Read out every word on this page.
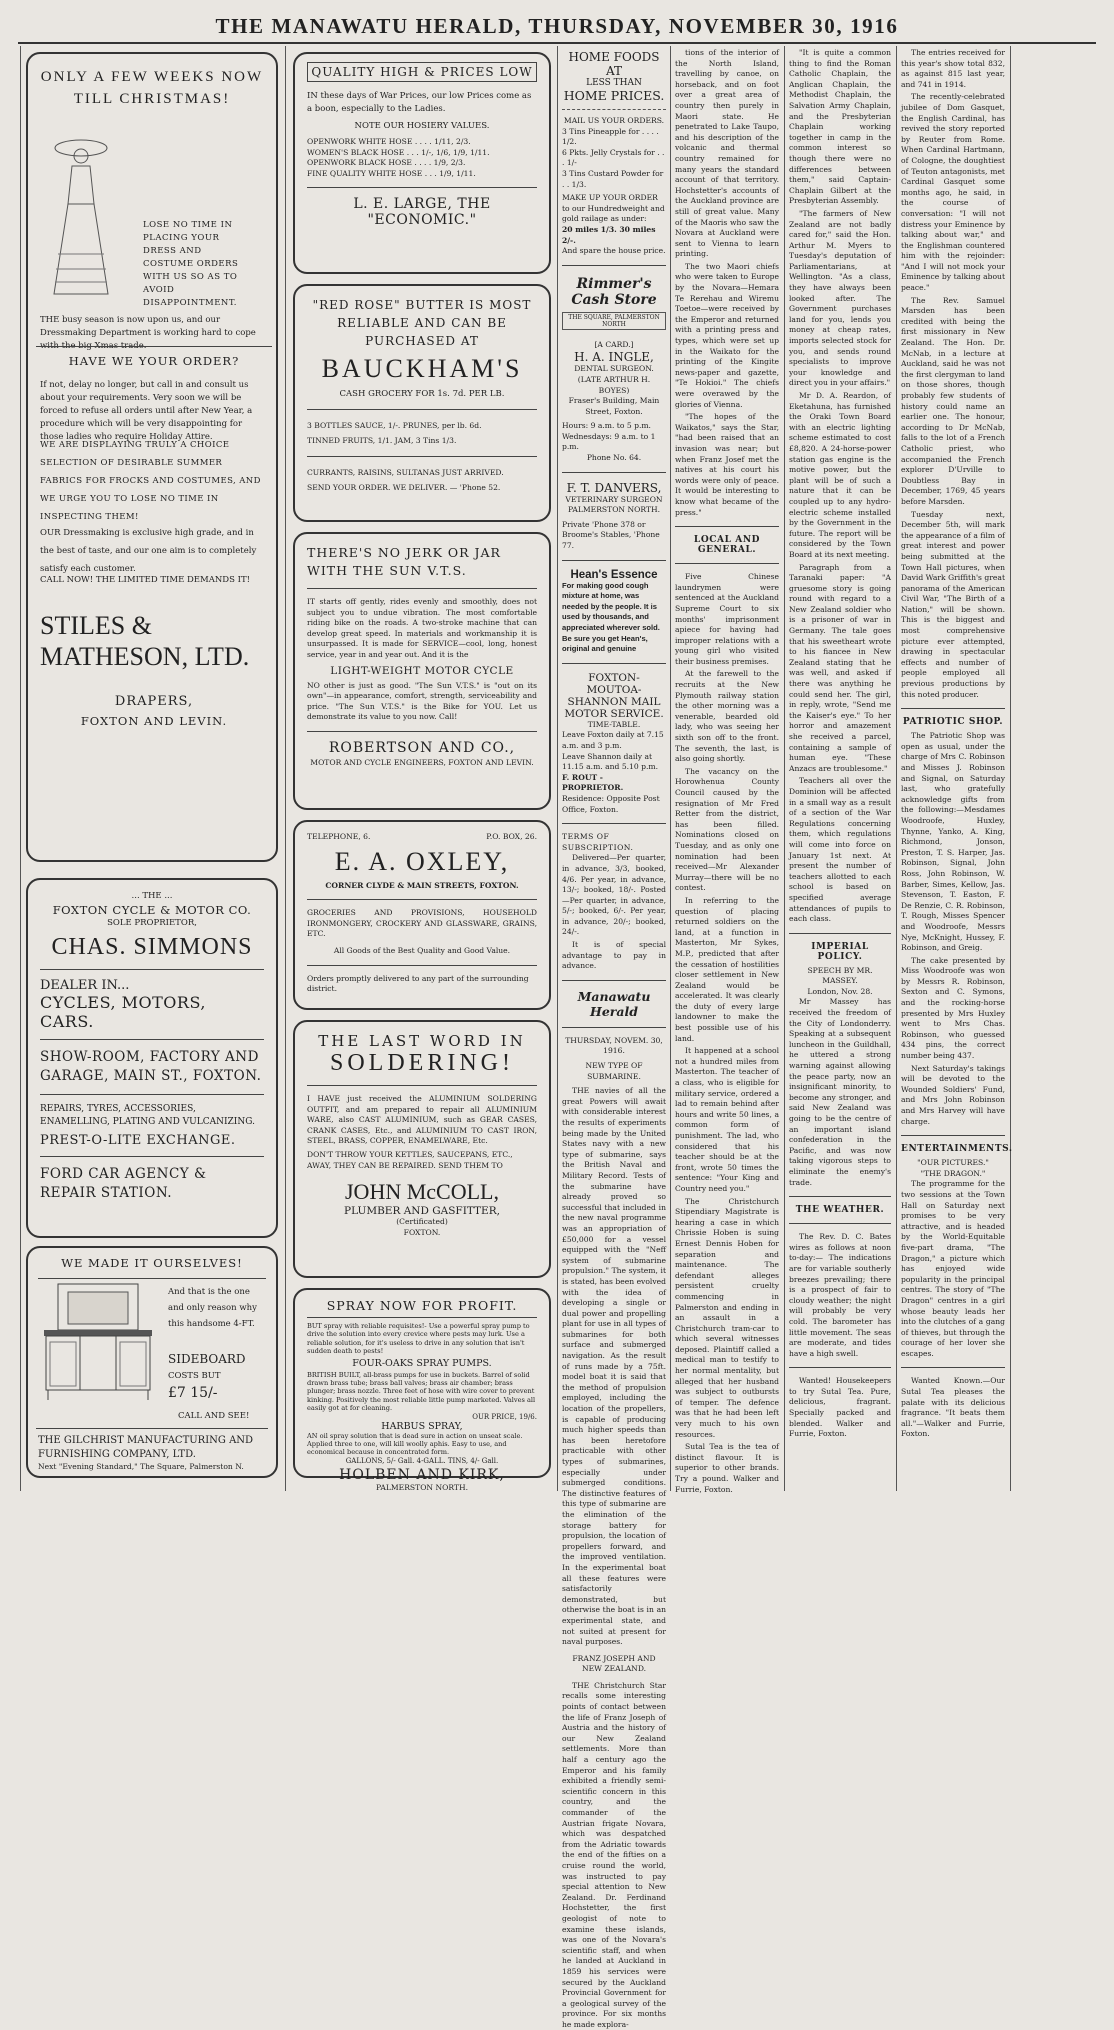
THE MANAWATU HERALD, THURSDAY, NOVEMBER 30, 1916
ONLY A FEW WEEKS NOW TILL CHRISTMAS!
LOSE NO TIME IN PLACING YOUR DRESS AND COSTUME ORDERS WITH US SO AS TO AVOID DISAPPOINTMENT.
THE busy season is now upon us, and our Dressmaking Department is working hard to cope with the big Xmas trade.
HAVE WE YOUR ORDER?
If not, delay no longer, but call in and consult us about your requirements. Very soon we will be forced to refuse all orders until after New Year, a procedure which will be very disappointing for those ladies who require Holiday Attire.
WE ARE DISPLAYING TRULY A CHOICE SELECTION OF DESIRABLE SUMMER FABRICS FOR FROCKS AND COSTUMES, AND WE URGE YOU TO LOSE NO TIME IN INSPECTING THEM!
OUR Dressmaking is exclusive high grade, and in the best of taste, and our one aim is to completely satisfy each customer.
CALL NOW! THE LIMITED TIME DEMANDS IT!
STILES & MATHESON, LTD.
DRAPERS,
FOXTON AND LEVIN.
... THE ...
FOXTON CYCLE & MOTOR CO.
SOLE PROPRIETOR,
CHAS. SIMMONS
DEALER IN...
CYCLES, MOTORS, CARS.
SHOW-ROOM, FACTORY AND GARAGE, MAIN ST., FOXTON.
REPAIRS, TYRES, ACCESSORIES, ENAMELLING, PLATING AND VULCANIZING.
PREST-O-LITE EXCHANGE.
FORD CAR AGENCY & REPAIR STATION.
WE MADE IT OURSELVES!
And that is the one and only reason why this handsome 4-FT.
SIDEBOARD
COSTS BUT
£7 15/-
CALL AND SEE!
THE GILCHRIST MANUFACTURING AND FURNISHING COMPANY, LTD.
Next "Evening Standard," The Square, Palmerston N.
QUALITY HIGH & PRICES LOW
IN these days of War Prices, our low Prices come as a boon, especially to the Ladies.
NOTE OUR HOSIERY VALUES.
OPENWORK WHITE HOSE . . . . 1/11, 2/3.
WOMEN'S BLACK HOSE . . . 1/-, 1/6, 1/9, 1/11.
OPENWORK BLACK HOSE . . . . 1/9, 2/3.
FINE QUALITY WHITE HOSE . . . 1/9, 1/11.
L. E. LARGE, THE "ECONOMIC."
"RED ROSE" BUTTER IS MOST RELIABLE AND CAN BE PURCHASED AT
BAUCKHAM'S
CASH GROCERY FOR 1s. 7d. PER LB.
3 BOTTLES SAUCE, 1/-. PRUNES, per lb. 6d.
TINNED FRUITS, 1/1. JAM, 3 Tins 1/3.
CURRANTS, RAISINS, SULTANAS JUST ARRIVED.
SEND YOUR ORDER. WE DELIVER. — 'Phone 52.
THERE'S NO JERK OR JAR WITH THE SUN V.T.S.
IT starts off gently, rides evenly and smoothly, does not subject you to undue vibration. The most comfortable riding bike on the roads. A two-stroke machine that can develop great speed. In materials and workmanship it is unsurpassed. It is made for SERVICE—cool, long, honest service, year in and year out. And it is the
LIGHT-WEIGHT MOTOR CYCLE
NO other is just as good. "The Sun V.T.S." is "out on its own"—in appearance, comfort, strength, serviceability and price. "The Sun V.T.S." is the Bike for YOU. Let us demonstrate its value to you now. Call!
ROBERTSON AND CO.,
MOTOR AND CYCLE ENGINEERS, FOXTON AND LEVIN.
TELEPHONE, 6.	P.O. BOX, 26.
E. A. OXLEY,
CORNER CLYDE & MAIN STREETS, FOXTON.
GROCERIES AND PROVISIONS, HOUSEHOLD IRONMONGERY, CROCKERY AND GLASSWARE, GRAINS, ETC.
All Goods of the Best Quality and Good Value.
Orders promptly delivered to any part of the surrounding district.
THE LAST WORD IN
SOLDERING!
I HAVE just received the ALUMINIUM SOLDERING OUTFIT, and am prepared to repair all ALUMINIUM WARE, also CAST ALUMINIUM, such as GEAR CASES, CRANK CASES, Etc., and ALUMINIUM TO CAST IRON, STEEL, BRASS, COPPER, ENAMELWARE, Etc.
DON'T THROW YOUR KETTLES, SAUCEPANS, ETC., AWAY, THEY CAN BE REPAIRED. SEND THEM TO
JOHN McCOLL,
PLUMBER AND GASFITTER,
(Certificated)
FOXTON.
SPRAY NOW FOR PROFIT.
BUT spray with reliable requisites!- Use a powerful spray pump to drive the solution into every crevice where pests may lurk. Use a reliable solution, for it's useless to drive in any solution that isn't sudden death to pests!
FOUR-OAKS SPRAY PUMPS.
BRITISH BUILT, all-brass pumps for use in buckets. Barrel of solid drawn brass tube; brass ball valves; brass air chamber; brass plunger; brass nozzle. Three feet of hose with wire cover to prevent kinking. Positively the most reliable little pump marketed. Valves all easily got at for cleaning.
OUR PRICE, 19/6.
HARBUS SPRAY,
AN oil spray solution that is dead sure in action on unseat scale. Applied three to one, will kill woolly aphis. Easy to use, and economical because in concentrated form.
GALLONS, 5/- Gall. 4-GALL. TINS, 4/- Gall.
HOLBEN AND KIRK,
PALMERSTON NORTH.
HOME FOODS AT
LESS THAN
HOME PRICES.
MAIL US YOUR ORDERS.
3 Tins Pineapple for . . . . 1/2.
6 Pkts. Jelly Crystals for . . . 1/-
3 Tins Custard Powder for . . 1/3.
MAKE UP YOUR ORDER to our Hundredweight and gold railage as under:
20 miles 1/3. 30 miles 2/-.
And spare the house price.
Rimmer's Cash Store
THE SQUARE, PALMERSTON NORTH
[A CARD.]
H. A. INGLE,
DENTAL SURGEON.
(LATE ARTHUR H. BOYES)
Fraser's Building, Main Street, Foxton.
Hours: 9 a.m. to 5 p.m. Wednesdays: 9 a.m. to 1 p.m.
Phone No. 64.
F. T. DANVERS,
VETERINARY SURGEON
PALMERSTON NORTH.
Private 'Phone 378 or
Broome's Stables, 'Phone 77.
Hean's Essence
For making good cough mixture at home, was needed by the people. It is used by thousands, and appreciated wherever sold. Be sure you get Hean's, original and genuine
FOXTON-MOUTOA-SHANNON MAIL MOTOR SERVICE.
TIME-TABLE.
Leave Foxton daily at 7.15 a.m. and 3 p.m.
Leave Shannon daily at 11.15 a.m. and 5.10 p.m.
F. ROUT - PROPRIETOR.
Residence: Opposite Post Office, Foxton.
TERMS OF SUBSCRIPTION.
Delivered—Per quarter, in advance, 3/3, booked, 4/6. Per year, in advance, 13/-; booked, 18/-. Posted—Per quarter, in advance, 5/-; booked, 6/-. Per year, in advance, 20/-; booked, 24/-.
It is of special advantage to pay in advance.
Manawatu Herald
THURSDAY, NOVEM. 30, 1916.
NEW TYPE OF SUBMARINE.
THE navies of all the great Powers will await with considerable interest the results of experiments being made by the United States navy with a new type of submarine, says the British Naval and Military Record. Tests of the submarine have already proved so successful that included in the new naval programme was an appropriation of £50,000 for a vessel equipped with the "Neff system of submarine propulsion." The system, it is stated, has been evolved with the idea of developing a single or dual power and propelling plant for use in all types of submarines for both surface and submerged navigation. As the result of runs made by a 75ft. model boat it is said that the method of propulsion employed, including the location of the propellers, is capable of producing much higher speeds than has been heretofore practicable with other types of submarines, especially under submerged conditions. The distinctive features of this type of submarine are the elimination of the storage battery for propulsion, the location of propellers forward, and the improved ventilation. In the experimental boat all these features were satisfactorily demonstrated, but otherwise the boat is in an experimental state, and not suited at present for naval purposes.
FRANZ JOSEPH AND NEW ZEALAND.
THE Christchurch Star recalls some interesting points of contact between the life of Franz Joseph of Austria and the history of our New Zealand settlements. More than half a century ago the Emperor and his family exhibited a friendly semi-scientific concern in this country, and the commander of the Austrian frigate Novara, which was despatched from the Adriatic towards the end of the fifties on a cruise round the world, was instructed to pay special attention to New Zealand. Dr. Ferdinand Hochstetter, the first geologist of note to examine these islands, was one of the Novara's scientific staff, and when he landed at Auckland in 1859 his services were secured by the Auckland Provincial Government for a geological survey of the province. For six months he made explora-
tions of the interior of the North Island, travelling by canoe, on horseback, and on foot over a great area of country then purely in Maori state. He penetrated to Lake Taupo, and his description of the volcanic and thermal country remained for many years the standard account of that territory. Hochstetter's accounts of the Auckland province are still of great value. Many of the Maoris who saw the Novara at Auckland were sent to Vienna to learn printing.
The two Maori chiefs who were taken to Europe by the Novara—Hemara Te Rerehau and Wiremu Toetoe—were received by the Emperor and returned with a printing press and types, which were set up in the Waikato for the printing of the Kingite news-paper and gazette, "Te Hokioi." The chiefs were overawed by the glories of Vienna.
"The hopes of the Waikatos," says the Star, "had been raised that an invasion was near; but when Franz Josef met the natives at his court his words were only of peace. It would be interesting to know what became of the press."
LOCAL AND GENERAL.
Five Chinese laundrymen were sentenced at the Auckland Supreme Court to six months' imprisonment apiece for having had improper relations with a young girl who visited their business premises.
At the farewell to the recruits at the New Plymouth railway station the other morning was a venerable, bearded old lady, who was seeing her sixth son off to the front. The seventh, the last, is also going shortly.
The vacancy on the Horowhenua County Council caused by the resignation of Mr Fred Retter from the district, has been filled. Nominations closed on Tuesday, and as only one nomination had been received—Mr Alexander Murray—there will be no contest.
In referring to the question of placing returned soldiers on the land, at a function in Masterton, Mr Sykes, M.P., predicted that after the cessation of hostilities closer settlement in New Zealand would be accelerated. It was clearly the duty of every large landowner to make the best possible use of his land.
It happened at a school not a hundred miles from Masterton. The teacher of a class, who is eligible for military service, ordered a lad to remain behind after hours and write 50 lines, a common form of punishment. The lad, who considered that his teacher should be at the front, wrote 50 times the sentence: "Your King and Country need you."
The Christchurch Stipendiary Magistrate is hearing a case in which Chrissie Hoben is suing Ernest Dennis Hoben for separation and maintenance. The defendant alleges persistent cruelty commencing in Palmerston and ending in an assault in a Christchurch tram-car to which several witnesses deposed. Plaintiff called a medical man to testify to her normal mentality, but alleged that her husband was subject to outbursts of temper. The defence was that he had been left very much to his own resources.
Sutal Tea is the tea of distinct flavour. It is superior to other brands. Try a pound. Walker and Furrie, Foxton.
"It is quite a common thing to find the Roman Catholic Chaplain, the Anglican Chaplain, the Methodist Chaplain, the Salvation Army Chaplain, and the Presbyterian Chaplain working together in camp in the common interest so though there were no differences between them," said Captain-Chaplain Gilbert at the Presbyterian Assembly.
"The farmers of New Zealand are not badly cared for," said the Hon. Arthur M. Myers to Tuesday's deputation of Parliamentarians, at Wellington. "As a class, they have always been looked after. The Government purchases land for you, lends you money at cheap rates, imports selected stock for you, and sends round specialists to improve your knowledge and direct you in your affairs."
Mr D. A. Reardon, of Eketahuna, has furnished the Oraki Town Board with an electric lighting scheme estimated to cost £8,820. A 24-horse-power station gas engine is the motive power, but the plant will be of such a nature that it can be coupled up to any hydro-electric scheme installed by the Government in the future. The report will be considered by the Town Board at its next meeting.
Paragraph from a Taranaki paper: "A gruesome story is going round with regard to a New Zealand soldier who is a prisoner of war in Germany. The tale goes that his sweetheart wrote to his fiancee in New Zealand stating that he was well, and asked if there was anything he could send her. The girl, in reply, wrote, "Send me the Kaiser's eye." To her horror and amazement she received a parcel, containing a sample of human eye. "These Anzacs are troublesome."
Teachers all over the Dominion will be affected in a small way as a result of a section of the War Regulations concerning them, which regulations will come into force on January 1st next. At present the number of teachers allotted to each school is based on specified average attendances of pupils to each class.
IMPERIAL POLICY.
SPEECH BY MR. MASSEY.
London, Nov. 28.
Mr Massey has received the freedom of the City of Londonderry. Speaking at a subsequent luncheon in the Guildhall, he uttered a strong warning against allowing the peace party, now an insignificant minority, to become any stronger, and said New Zealand was going to be the centre of an important island confederation in the Pacific, and was now taking vigorous steps to eliminate the enemy's trade.
THE WEATHER.
The Rev. D. C. Bates wires as follows at noon to-day:— The indications are for variable southerly breezes prevailing; there is a prospect of fair to cloudy weather; the night will probably be very cold. The barometer has little movement. The seas are moderate, and tides have a high swell.
Wanted! Housekeepers to try Sutal Tea. Pure, delicious, fragrant. Specially packed and blended. Walker and Furrie, Foxton.
The entries received for this year's show total 832, as against 815 last year, and 741 in 1914.
The recently-celebrated jubilee of Dom Gasquet, the English Cardinal, has revived the story reported by Reuter from Rome. When Cardinal Hartmann, of Cologne, the doughtiest of Teuton antagonists, met Cardinal Gasquet some months ago, he said, in the course of conversation: "I will not distress your Eminence by talking about war," and the Englishman countered him with the rejoinder: "And I will not mock your Eminence by talking about peace."
The Rev. Samuel Marsden has been credited with being the first missionary in New Zealand. The Hon. Dr. McNab, in a lecture at Auckland, said he was not the first clergyman to land on those shores, though probably few students of history could name an earlier one. The honour, according to Dr McNab, falls to the lot of a French Catholic priest, who accompanied the French explorer D'Urville to Doubtless Bay in December, 1769, 45 years before Marsden.
Tuesday next, December 5th, will mark the appearance of a film of great interest and power being submitted at the Town Hall pictures, when David Wark Griffith's great panorama of the American Civil War, "The Birth of a Nation," will be shown. This is the biggest and most comprehensive picture ever attempted, drawing in spectacular effects and number of people employed all previous productions by this noted producer.
PATRIOTIC SHOP.
The Patriotic Shop was open as usual, under the charge of Mrs C. Robinson and Misses J. Robinson and Signal, on Saturday last, who gratefully acknowledge gifts from the following:—Mesdames Woodroofe, Huxley, Thynne, Yanko, A. King, Richmond, Jonson, Preston, T. S. Harper, Jas. Robinson, Signal, John Ross, John Robinson, W. Barber, Simes, Kellow, Jas. Stevenson, T. Easton, F. De Renzie, C. R. Robinson, T. Rough, Misses Spencer and Woodroofe, Messrs Nye, McKnight, Hussey, F. Robinson, and Greig.
The cake presented by Miss Woodroofe was won by Messrs R. Robinson, Sexton and C. Symons, and the rocking-horse presented by Mrs Huxley went to Mrs Chas. Robinson, who guessed 434 pins, the correct number being 437.
Next Saturday's takings will be devoted to the Wounded Soldiers' Fund, and Mrs John Robinson and Mrs Harvey will have charge.
ENTERTAINMENTS.
"OUR PICTURES."
"THE DRAGON."
The programme for the two sessions at the Town Hall on Saturday next promises to be very attractive, and is headed by the World-Equitable five-part drama, "The Dragon," a picture which has enjoyed wide popularity in the principal centres. The story of "The Dragon" centres in a girl whose beauty leads her into the clutches of a gang of thieves, but through the courage of her lover she escapes.
Wanted Known.—Our Sutal Tea pleases the palate with its delicious fragrance. "It beats them all."—Walker and Furrie, Foxton.
